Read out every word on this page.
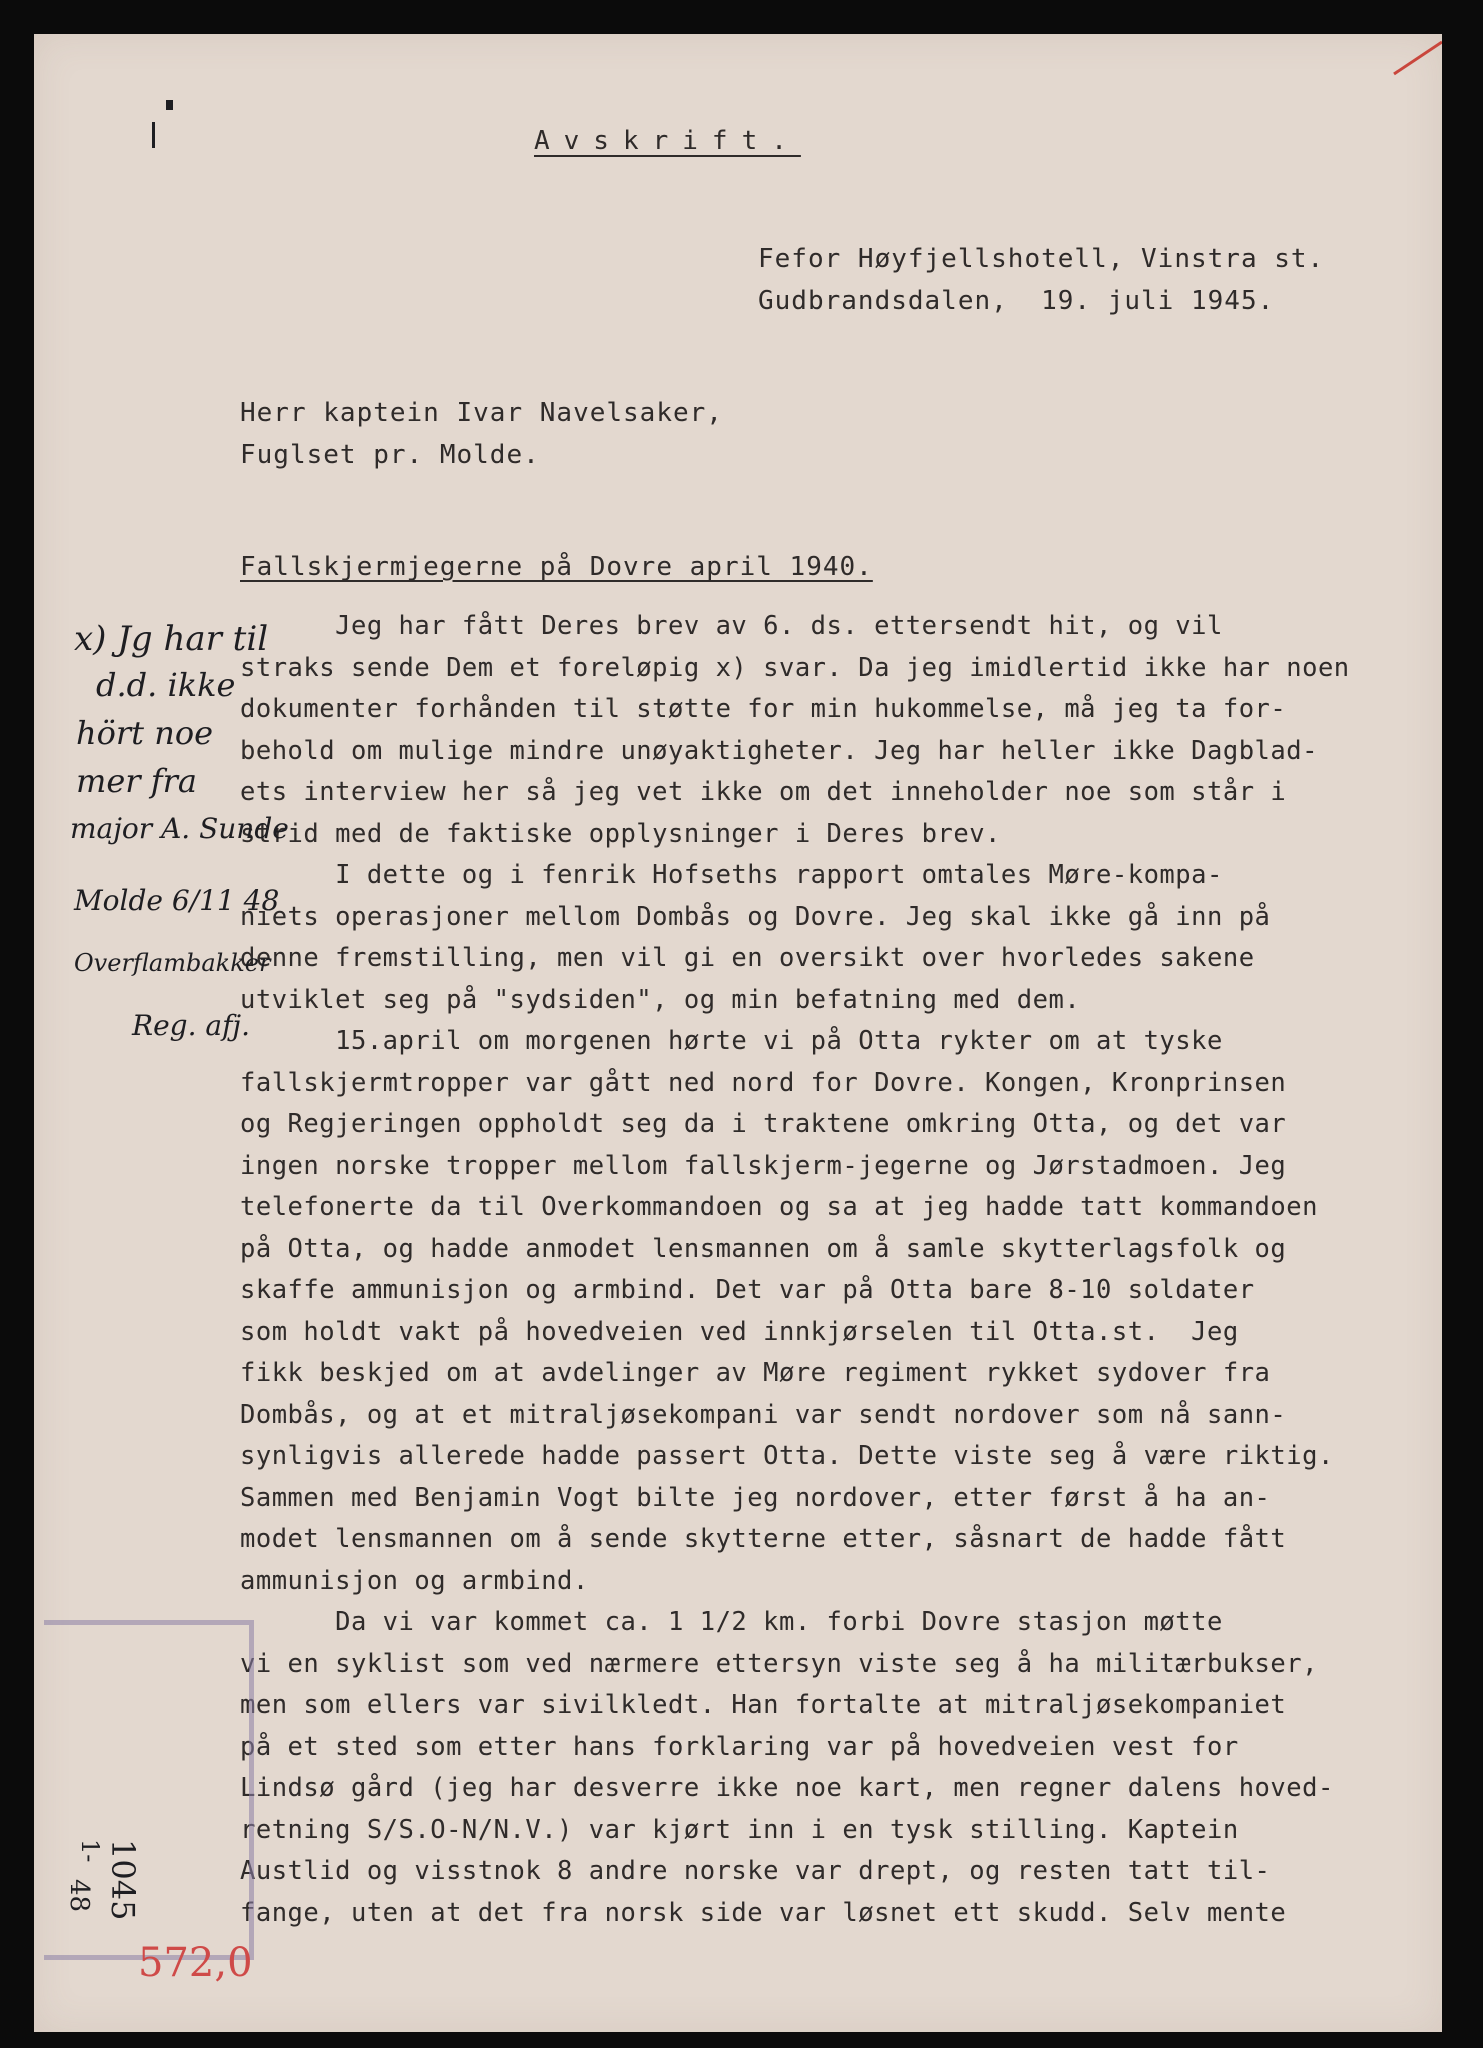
Avskrift.
Fefor Høyfjellshotell, Vinstra st.
Gudbrandsdalen,  19. juli 1945.
Herr kaptein Ivar Navelsaker,
Fuglset pr. Molde.
Fallskjermjegerne på Dovre april 1940.
Jeg har fått Deres brev av 6. ds. ettersendt hit, og vil
straks sende Dem et foreløpig x) svar. Da jeg imidlertid ikke har noen
dokumenter forhånden til støtte for min hukommelse, må jeg ta for-
behold om mulige mindre unøyaktigheter. Jeg har heller ikke Dagblad-
ets interview her så jeg vet ikke om det inneholder noe som står i
strid med de faktiske opplysninger i Deres brev.
I dette og i fenrik Hofseths rapport omtales Møre-kompa-
niets operasjoner mellom Dombås og Dovre. Jeg skal ikke gå inn på
denne fremstilling, men vil gi en oversikt over hvorledes sakene
utviklet seg på "sydsiden", og min befatning med dem.
15.april om morgenen hørte vi på Otta rykter om at tyske
fallskjermtropper var gått ned nord for Dovre. Kongen, Kronprinsen
og Regjeringen oppholdt seg da i traktene omkring Otta, og det var
ingen norske tropper mellom fallskjerm-jegerne og Jørstadmoen. Jeg
telefonerte da til Overkommandoen og sa at jeg hadde tatt kommandoen
på Otta, og hadde anmodet lensmannen om å samle skytterlagsfolk og
skaffe ammunisjon og armbind. Det var på Otta bare 8-10 soldater
som holdt vakt på hovedveien ved innkjørselen til Otta.st.  Jeg
fikk beskjed om at avdelinger av Møre regiment rykket sydover fra
Dombås, og at et mitraljøsekompani var sendt nordover som nå sann-
synligvis allerede hadde passert Otta. Dette viste seg å være riktig.
Sammen med Benjamin Vogt bilte jeg nordover, etter først å ha an-
modet lensmannen om å sende skytterne etter, såsnart de hadde fått
ammunisjon og armbind.
Da vi var kommet ca. 1 1/2 km. forbi Dovre stasjon møtte
vi en syklist som ved nærmere ettersyn viste seg å ha militærbukser,
men som ellers var sivilkledt. Han fortalte at mitraljøsekompaniet
på et sted som etter hans forklaring var på hovedveien vest for
Lindsø gård (jeg har desverre ikke noe kart, men regner dalens hoved-
retning S/S.O-N/N.V.) var kjørt inn i en tysk stilling. Kaptein
Austlid og visstnok 8 andre norske var drept, og resten tatt til-
fange, uten at det fra norsk side var løsnet ett skudd. Selv mente
x) Jg har til
d.d. ikke
hört noe
mer fra
major A. Sunde
Molde 6/11 48
Overflambakker
Reg. afj.
1045
1-
48
572,0
